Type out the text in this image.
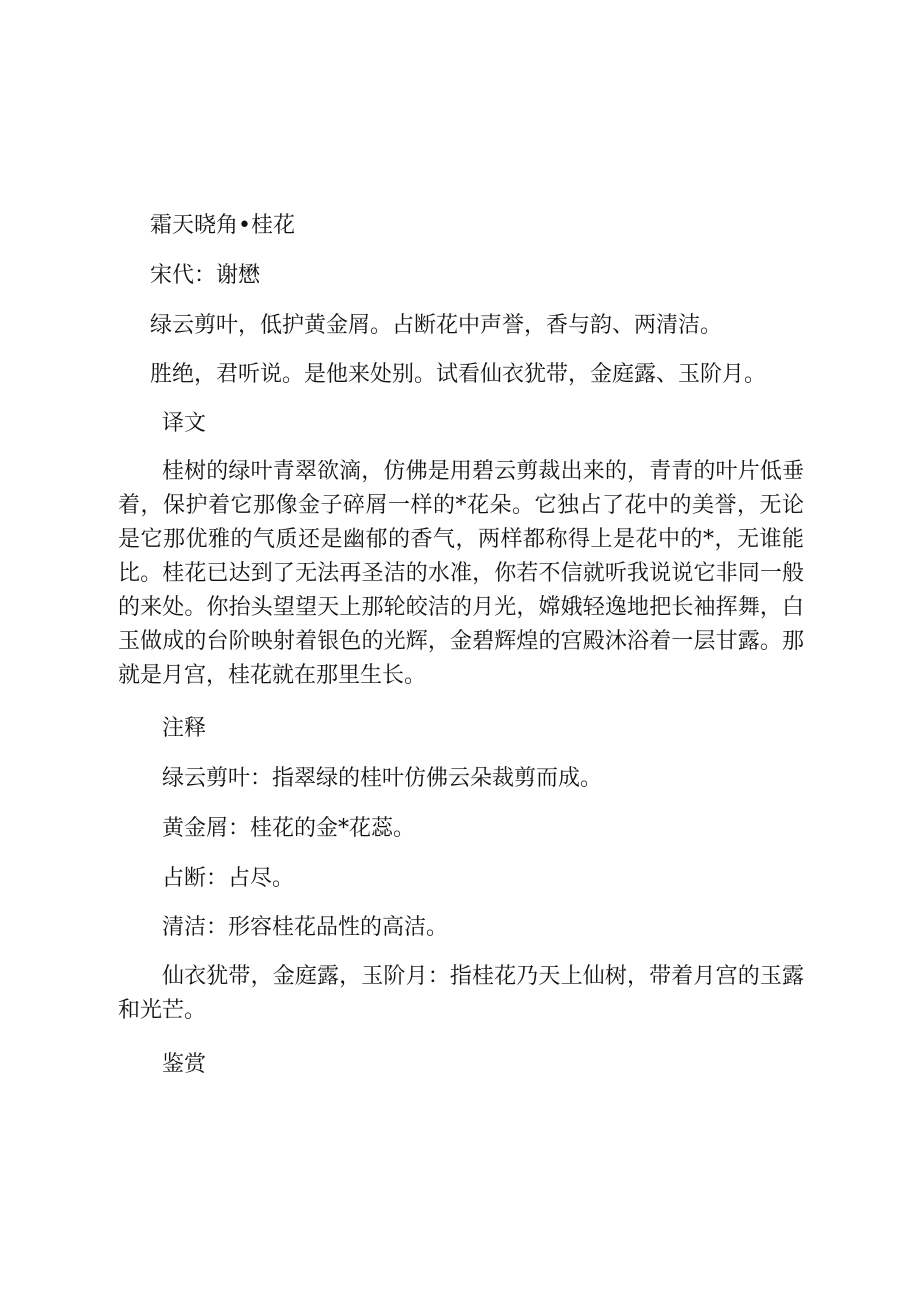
霜天晓角•桂花

宋代：谢懋

绿云剪叶，低护黄金屑。占断花中声誉，香与韵、两清洁。

胜绝，君听说。是他来处别。试看仙衣犹带，金庭露、玉阶月。

译文

桂树的绿叶青翠欲滴，仿佛是用碧云剪裁出来的，青青的叶片低垂着，保护着它那像金子碎屑一样的*花朵。它独占了花中的美誉，无论是它那优雅的气质还是幽郁的香气，两样都称得上是花中的*，无谁能比。桂花已达到了无法再圣洁的水准，你若不信就听我说说它非同一般的来处。你抬头望望天上那轮皎洁的月光，嫦娥轻逸地把长袖挥舞，白玉做成的台阶映射着银色的光辉，金碧辉煌的宫殿沐浴着一层甘露。那就是月宫，桂花就在那里生长。

注释

绿云剪叶：指翠绿的桂叶仿佛云朵裁剪而成。

黄金屑：桂花的金*花蕊。

占断：占尽。

清洁：形容桂花品性的高洁。

仙衣犹带，金庭露，玉阶月：指桂花乃天上仙树，带着月宫的玉露和光芒。

鉴赏
